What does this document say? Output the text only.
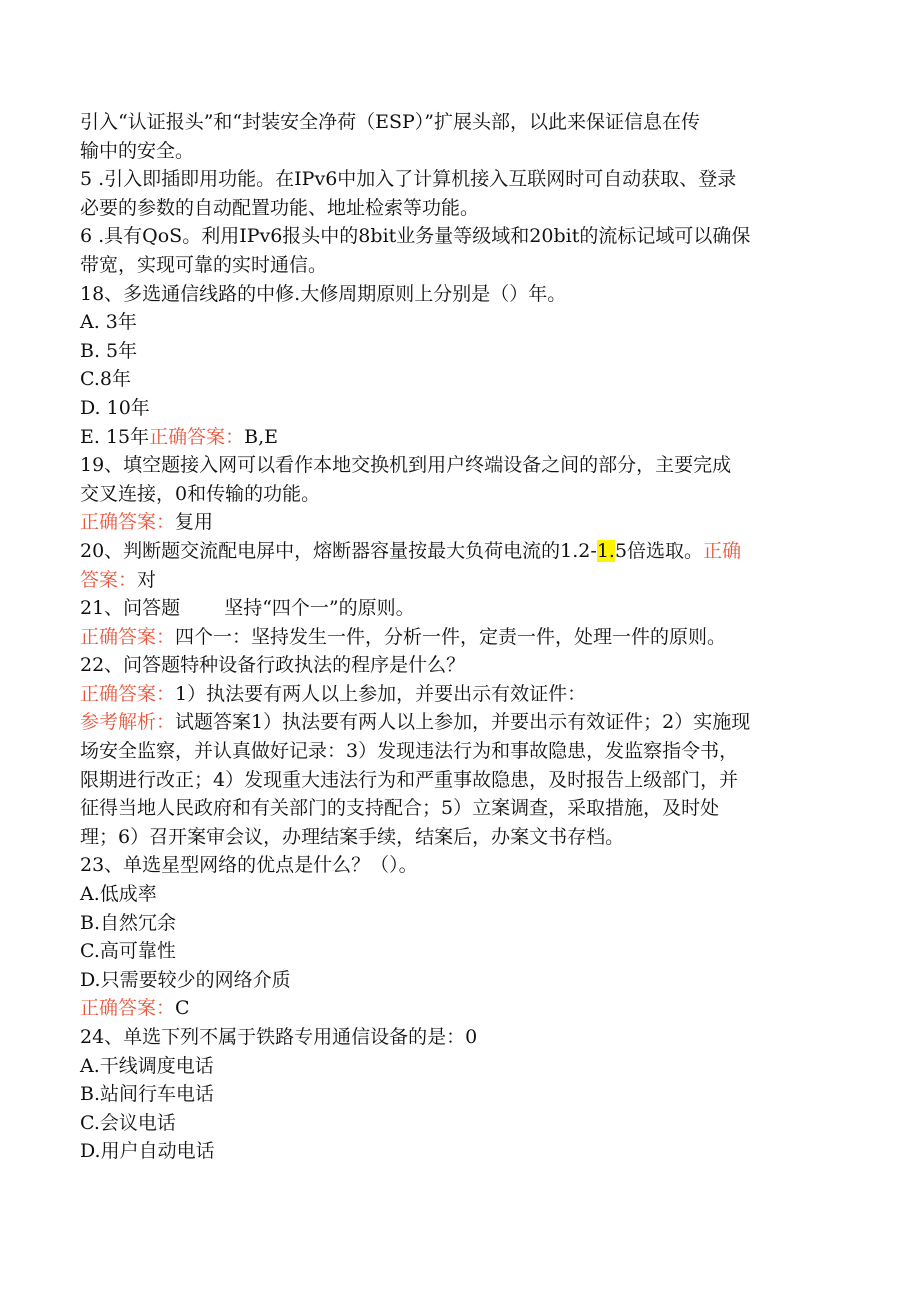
引入“认证报头”和“封装安全净荷（ESP）”扩展头部，以此来保证信息在传
输中的安全。
5 .引入即插即用功能。在IPv6中加入了计算机接入互联网时可自动获取、登录
必要的参数的自动配置功能、地址检索等功能。
6 .具有QoS。利用IPv6报头中的8bit业务量等级域和20bit的流标记域可以确保
带宽，实现可靠的实时通信。
18、多选通信线路的中修.大修周期原则上分别是（）年。
A. 3年
B. 5年
C.8年
D. 10年
E. 15年正确答案：B,E
19、填空题接入网可以看作本地交换机到用户终端设备之间的部分，主要完成
交叉连接，0和传输的功能。
正确答案：复用
20、判断题交流配电屏中，熔断器容量按最大负荷电流的1.2-1.5倍选取。正确
答案：对
21、问答题 坚持“四个一”的原则。
正确答案：四个一：坚持发生一件，分析一件，定责一件，处理一件的原则。
22、问答题特种设备行政执法的程序是什么？
正确答案：1）执法要有两人以上参加，并要出示有效证件：
参考解析：试题答案1）执法要有两人以上参加，并要出示有效证件；2）实施现
场安全监察，并认真做好记录：3）发现违法行为和事故隐患，发监察指令书，
限期进行改正；4）发现重大违法行为和严重事故隐患，及时报告上级部门，并
征得当地人民政府和有关部门的支持配合；5）立案调查，采取措施，及时处
理；6）召开案审会议，办理结案手续，结案后，办案文书存档。
23、单选星型网络的优点是什么？（）。
A.低成率
B.自然冗余
C.高可靠性
D.只需要较少的网络介质
正确答案：C
24、单选下列不属于铁路专用通信设备的是：0
A.干线调度电话
B.站间行车电话
C.会议电话
D.用户自动电话
